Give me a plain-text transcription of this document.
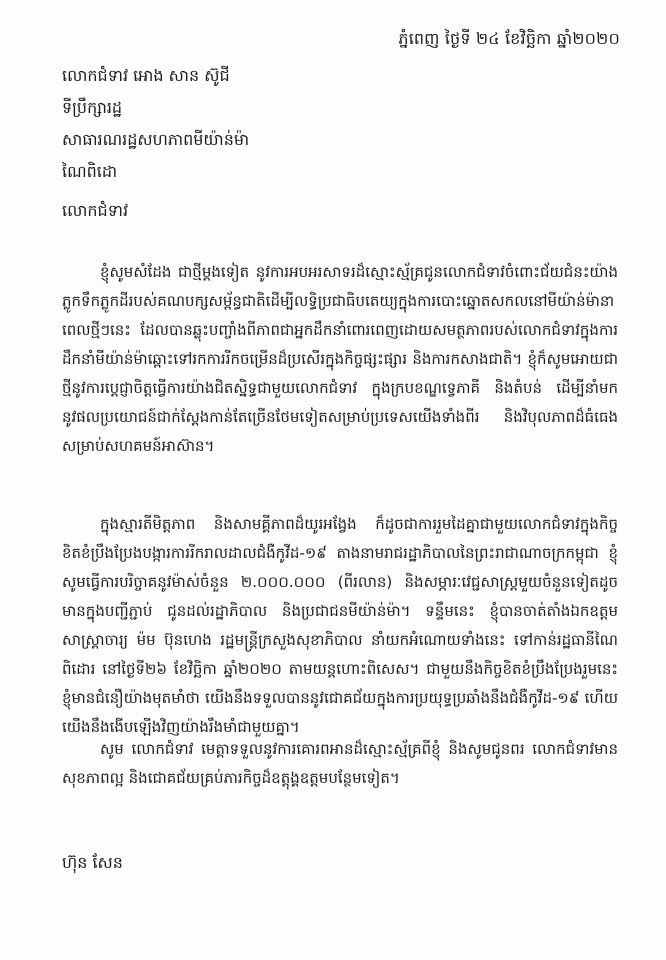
ភ្នំពេញ ថ្ងៃទី ២៤ ខែវិច្ឆិកា ឆ្នាំ២០២០
លោកជំទាវ អោង សាន ស៊ូជី
ទីប្រឹក្សារដ្ឋ
សាធារណរដ្ឋសហភាពមីយ៉ាន់ម៉ា
ណៃពិដោ
លោកជំទាវ

ខ្ញុំសូមសំដែង ជាថ្មីម្តងទៀត នូវការអបអរសាទរដ៏ស្មោះស្ម័គ្រជូនលោកជំទាវចំពោះជ័យជំនះយ៉ាងភ្លូកទឹកភ្លូកដីរបស់គណបក្សសម្ព័ន្ធជាតិដើម្បីលទ្ធិប្រជាធិបតេយ្យក្នុងការបោះឆ្នោតសកលនៅមីយ៉ាន់ម៉ានាពេលថ្មីៗនេះ ដែលបានឆ្លុះបញ្ចាំងពីភាពជាអ្នកដឹកនាំពោរពេញដោយសមត្ថភាពរបស់លោកជំទាវក្នុងការដឹកនាំមីយ៉ាន់ម៉ាឆ្ពោះទៅរកការរីកចម្រើនដ៏ប្រសើរក្នុងកិច្ចផ្សះផ្សារ និងការកសាងជាតិ។ ខ្ញុំក៏សូមអោយជាថ្មីនូវការប្តេជ្ញាចិត្តធ្វើការយ៉ាងជិតស្និទ្ធជាមួយលោកជំទាវ ក្នុងក្របខណ្ឌទ្វេភាគី និងតំបន់ ដើម្បីនាំមកនូវផលប្រយោជន៍ជាក់ស្តែងកាន់តែច្រើនថែមទៀតសម្រាប់ប្រទេសយើងទាំងពីរ និងវិបុលភាពដ៏ធំធេងសម្រាប់សហគមន៍អាស៊ាន។

ក្នុងស្មារតីមិត្តភាព និងសាមគ្គីភាពដ៏យូរអង្វែង ក៏ដូចជាការរួមដៃគ្នាជាមួយលោកជំទាវក្នុងកិច្ចខិតខំប្រឹងប្រែងបង្ការការរីករាលដាលជំងឺកូវីដ-១៩ តាងនាមរាជរដ្ឋាភិបាលនៃព្រះរាជាណាចក្រកម្ពុជា ខ្ញុំសូមធ្វើការបរិច្ចាគនូវម៉ាស់ចំនួន ២.០០០.០០០ (ពីរលាន) និងសម្ភារៈវេជ្ជសាស្ត្រមួយចំនួនទៀតដូចមានក្នុងបញ្ជីភ្ជាប់ ជូនដល់រដ្ឋាភិបាល និងប្រជាជនមីយ៉ាន់ម៉ា។ ទន្ទឹមនេះ ខ្ញុំបានចាត់តាំងឯកឧត្តមសាស្ត្រាចារ្យ ម៉ម ប៊ុនហេង រដ្ឋមន្ត្រីក្រសួងសុខាភិបាល នាំយកអំណោយទាំងនេះ ទៅកាន់រដ្ឋធានីណៃពិដោរ នៅថ្ងៃទី២៦ ខែវិច្ឆិកា ឆ្នាំ២០២០ តាមយន្តហោះពិសេស។ ជាមួយនឹងកិច្ចខិតខំប្រឹងប្រែងរួមនេះ ខ្ញុំមានជំនឿយ៉ាងមុតមាំថា យើងនឹងទទួលបាននូវជោគជ័យក្នុងការប្រយុទ្ធប្រឆាំងនឹងជំងឺកូវីដ-១៩ ហើយយើងនឹងងើបឡើងវិញយ៉ាងរឹងមាំជាមួយគ្នា។

សូម លោកជំទាវ មេត្តាទទួលនូវការគោរពអានដ៏ស្មោះស្ម័គ្រពីខ្ញុំ និងសូមជូនពរ លោកជំទាវមានសុខភាពល្អ និងជោគជ័យគ្រប់ភារកិច្ចដ៏ឧត្តុង្គឧត្តមបន្ថែមទៀត។

ហ៊ុន សែន
